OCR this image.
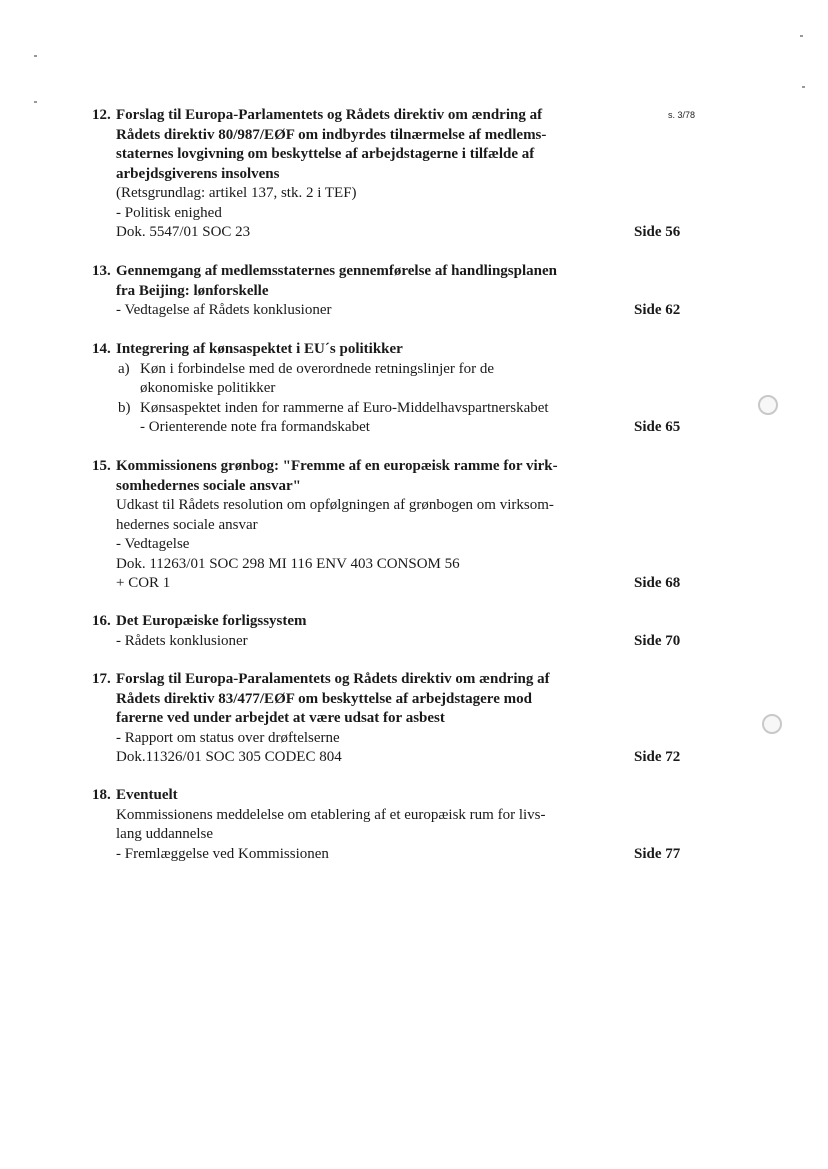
s. 3/78
12. Forslag til Europa-Parlamentets og Rådets direktiv om ændring af
Rådets direktiv 80/987/EØF om indbyrdes tilnærmelse af medlems-
staternes lovgivning om beskyttelse af arbejdstagerne i tilfælde af
arbejdsgiverens insolvens
(Retsgrundlag: artikel 137, stk. 2 i TEF)
- Politisk enighed
Dok. 5547/01 SOC 23	Side 56
13. Gennemgang af medlemsstaternes gennemførelse af handlingsplanen
fra Beijing: lønforskelle
- Vedtagelse af Rådets konklusioner	Side 62
14. Integrering af kønsaspektet i EU´s politikker
a) Køn i forbindelse med de overordnede retningslinjer for de
økonomiske politikker
b) Kønsaspektet inden for rammerne af Euro-Middelhavspartnerskabet
- Orienterende note fra formandskabet	Side 65
15. Kommissionens grønbog: "Fremme af en europæisk ramme for virk-
somhedernes sociale ansvar"
Udkast til Rådets resolution om opfølgningen af grønbogen om virksom-
hedernes sociale ansvar
- Vedtagelse
Dok. 11263/01 SOC 298 MI 116 ENV 403 CONSOM 56
+ COR 1	Side 68
16. Det Europæiske forligssystem
- Rådets konklusioner	Side 70
17. Forslag til Europa-Paralamentets og Rådets direktiv om ændring af
Rådets direktiv 83/477/EØF om beskyttelse af arbejdstagere mod
farerne ved under arbejdet at være udsat for asbest
- Rapport om status over drøftelserne
Dok.11326/01 SOC 305 CODEC 804	Side 72
18. Eventuelt
Kommissionens meddelelse om etablering af et europæisk rum for livs-
lang uddannelse
- Fremlæggelse ved Kommissionen	Side 77
